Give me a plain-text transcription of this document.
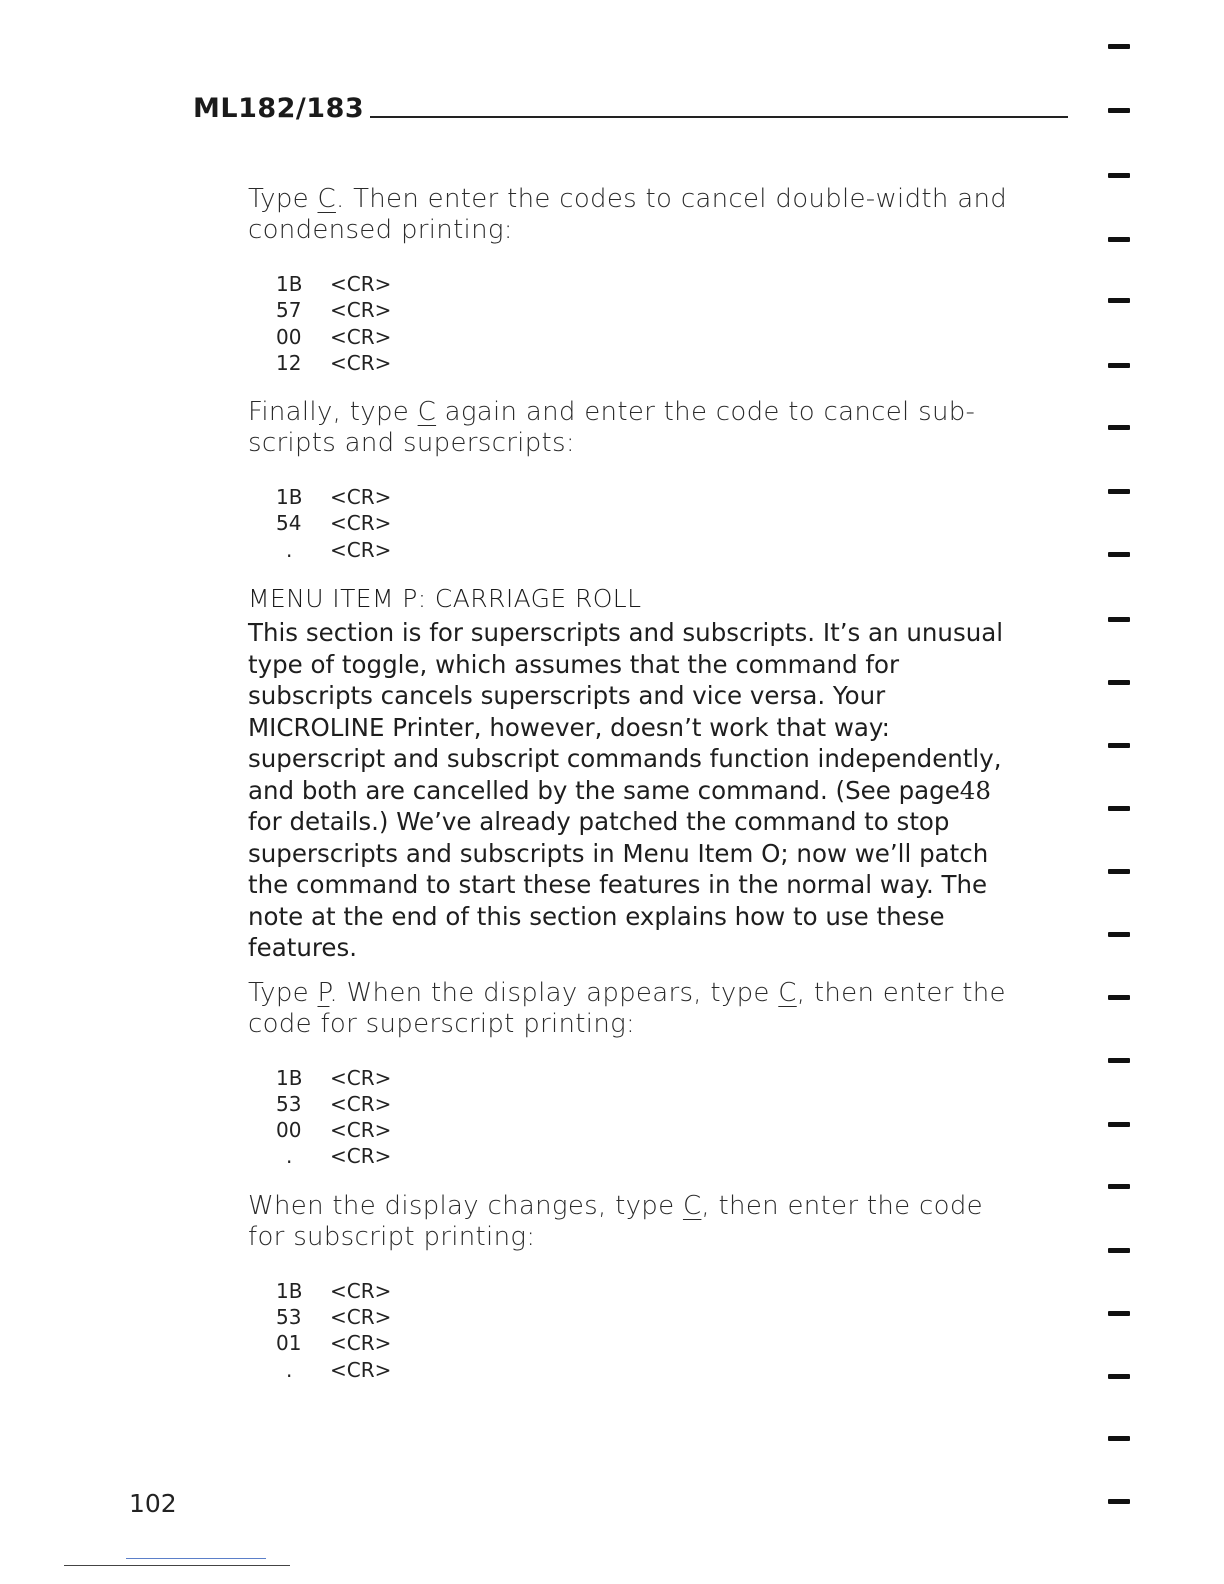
ML182/183

Type C. Then enter the codes to cancel double-width and condensed printing:

1B	<CR>
57	<CR>
00	<CR>
12	<CR>

Finally, type C again and enter the code to cancel sub-scripts and superscripts:

1B	<CR>
54	<CR>
.	<CR>
MENU ITEM P: CARRIAGE ROLL

This section is for superscripts and subscripts. It’s an unusual type of toggle, which assumes that the command for subscripts cancels superscripts and vice versa. Your MICROLINE Printer, however, doesn’t work that way: superscript and subscript commands function independently, and both are cancelled by the same command. (See page48 for details.) We’ve already patched the command to stop superscripts and subscripts in Menu Item O; now we’ll patch the command to start these features in the normal way. The note at the end of this section explains how to use these features.

Type P. When the display appears, type C, then enter the code for superscript printing:

1B	<CR>
53	<CR>
00	<CR>
.	<CR>

When the display changes, type C, then enter the code for subscript printing:

1B	<CR>
53	<CR>
01	<CR>
.	<CR>
102
